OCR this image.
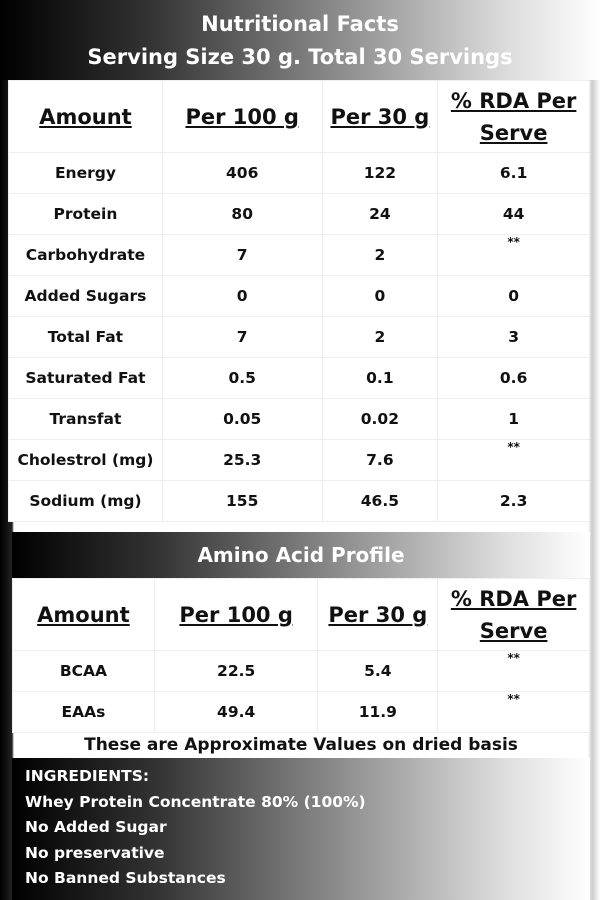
Nutritional Facts
Serving Size 30 g. Total 30 Servings
Amount	Per 100 g	Per 30 g	% RDA Per Serve
Energy	406	122	6.1
Protein	80	24	44
Carbohydrate	7	2	**
Added Sugars	0	0	0
Total Fat	7	2	3
Saturated Fat	0.5	0.1	0.6
Transfat	0.05	0.02	1
Cholestrol (mg)	25.3	7.6	**
Sodium (mg)	155	46.5	2.3
Amino Acid Profile
Amount	Per 100 g	Per 30 g	% RDA Per Serve
BCAA	22.5	5.4	**
EAAs	49.4	11.9	**
These are Approximate Values on dried basis
INGREDIENTS:
Whey Protein Concentrate 80% (100%)
No Added Sugar
No preservative
No Banned Substances
